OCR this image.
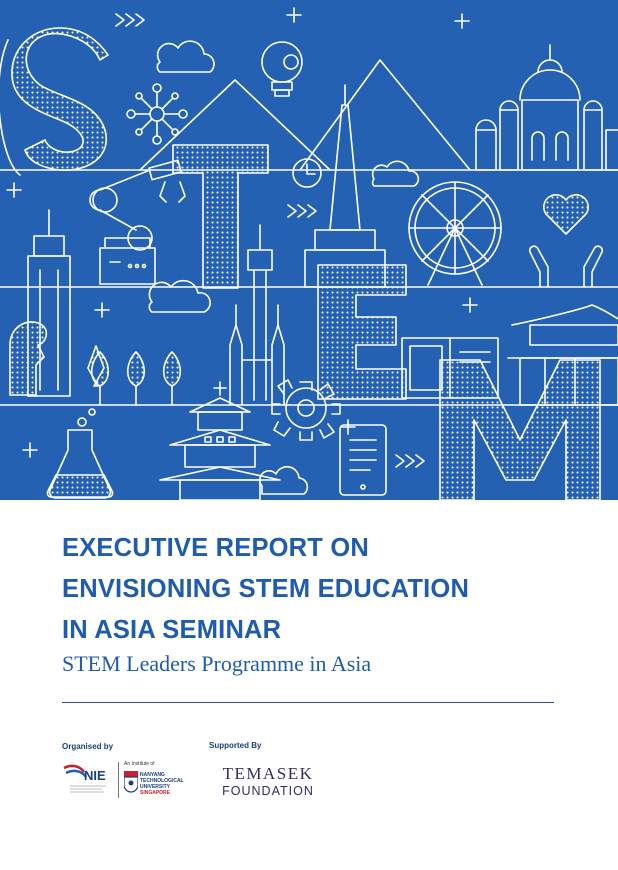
EXECUTIVE REPORT ON
ENVISIONING STEM EDUCATION
IN ASIA SEMINAR
STEM Leaders Programme in Asia
Organised by	Supported By
NIE
An Institute of
NANYANG
TECHNOLOGICAL
UNIVERSITY
SINGAPORE
TEMASEK
FOUNDATION
